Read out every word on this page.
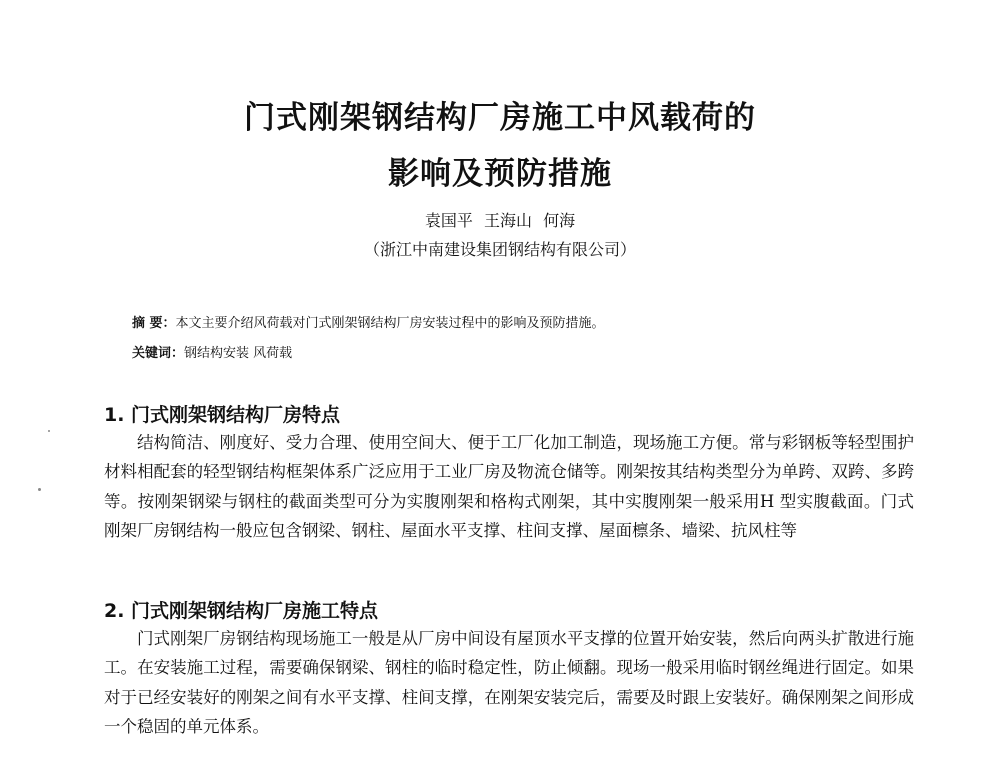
门式刚架钢结构厂房施工中风载荷的
影响及预防措施
袁国平 王海山 何海
（浙江中南建设集团钢结构有限公司）
摘 要：本文主要介绍风荷载对门式刚架钢结构厂房安装过程中的影响及预防措施。
关键词：钢结构安装 风荷载
1. 门式刚架钢结构厂房特点

结构简洁、刚度好、受力合理、使用空间大、便于工厂化加工制造，现场施工方便。常与彩钢板等轻型围护材料相配套的轻型钢结构框架体系广泛应用于工业厂房及物流仓储等。刚架按其结构类型分为单跨、双跨、多跨等。按刚架钢梁与钢柱的截面类型可分为实腹刚架和格构式刚架，其中实腹刚架一般采用H 型实腹截面。门式刚架厂房钢结构一般应包含钢梁、钢柱、屋面水平支撑、柱间支撑、屋面檩条、墙梁、抗风柱等

2. 门式刚架钢结构厂房施工特点

门式刚架厂房钢结构现场施工一般是从厂房中间设有屋顶水平支撑的位置开始安装，然后向两头扩散进行施工。在安装施工过程，需要确保钢梁、钢柱的临时稳定性，防止倾翻。现场一般采用临时钢丝绳进行固定。如果对于已经安装好的刚架之间有水平支撑、柱间支撑，在刚架安装完后，需要及时跟上安装好。确保刚架之间形成一个稳固的单元体系。
